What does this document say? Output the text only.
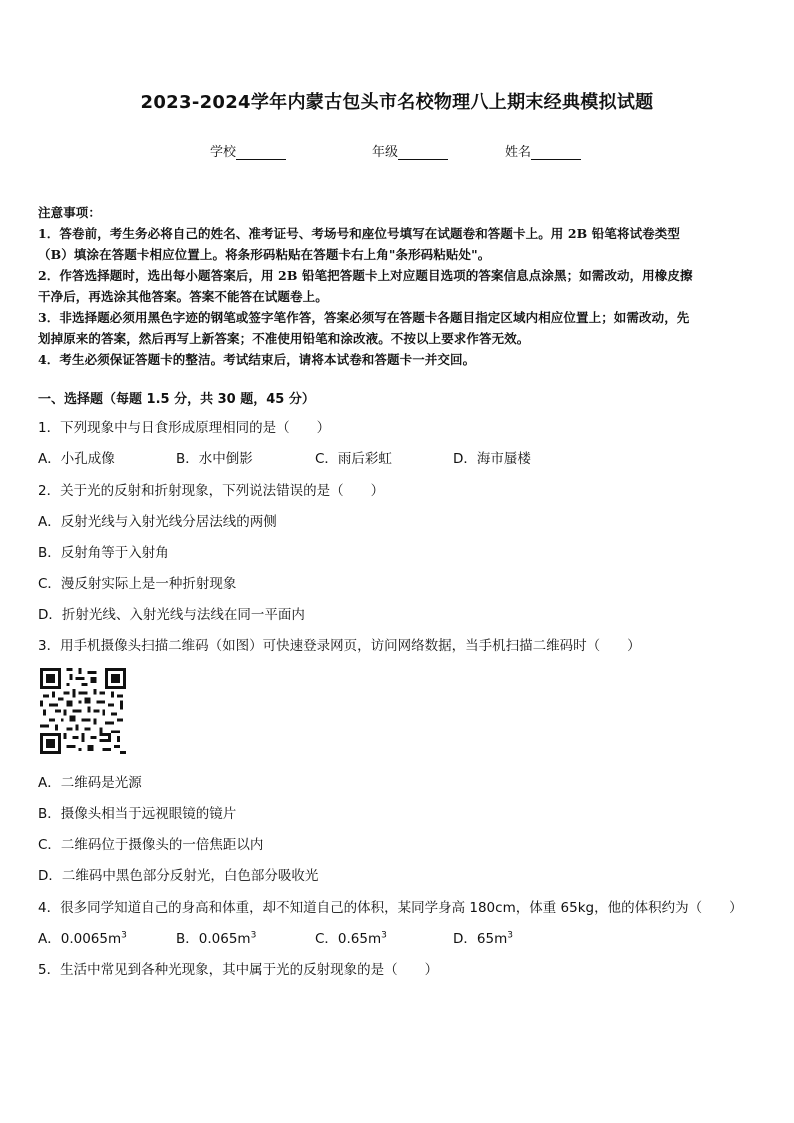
2023-2024学年内蒙古包头市名校物理八上期末经典模拟试题
学校	年级	姓名
注意事项：
1．答卷前，考生务必将自己的姓名、准考证号、考场号和座位号填写在试题卷和答题卡上。用 2B 铅笔将试卷类型
（B）填涂在答题卡相应位置上。将条形码粘贴在答题卡右上角"条形码粘贴处"。
2．作答选择题时，选出每小题答案后，用 2B 铅笔把答题卡上对应题目选项的答案信息点涂黑；如需改动，用橡皮擦
干净后，再选涂其他答案。答案不能答在试题卷上。
3．非选择题必须用黑色字迹的钢笔或签字笔作答，答案必须写在答题卡各题目指定区域内相应位置上；如需改动，先
划掉原来的答案，然后再写上新答案；不准使用铅笔和涂改液。不按以上要求作答无效。
4．考生必须保证答题卡的整洁。考试结束后，请将本试卷和答题卡一并交回。
一、选择题（每题 1.5 分，共 30 题，45 分）
1．下列现象中与日食形成原理相同的是（　　）
A．小孔成像	B．水中倒影	C．雨后彩虹	D．海市蜃楼
2．关于光的反射和折射现象，下列说法错误的是（　　）
A．反射光线与入射光线分居法线的两侧
B．反射角等于入射角
C．漫反射实际上是一种折射现象
D．折射光线、入射光线与法线在同一平面内
3．用手机摄像头扫描二维码（如图）可快速登录网页，访问网络数据，当手机扫描二维码时（　　）
A．二维码是光源
B．摄像头相当于远视眼镜的镜片
C．二维码位于摄像头的一倍焦距以内
D．二维码中黑色部分反射光，白色部分吸收光
4．很多同学知道自己的身高和体重，却不知道自己的体积，某同学身高 180cm，体重 65kg，他的体积约为（　　）
A．$0.0065m^3$	B．$0.065m^3$	C．$0.65m^3$	D．$65m^3$
5．生活中常见到各种光现象，其中属于光的反射现象的是（　　）
